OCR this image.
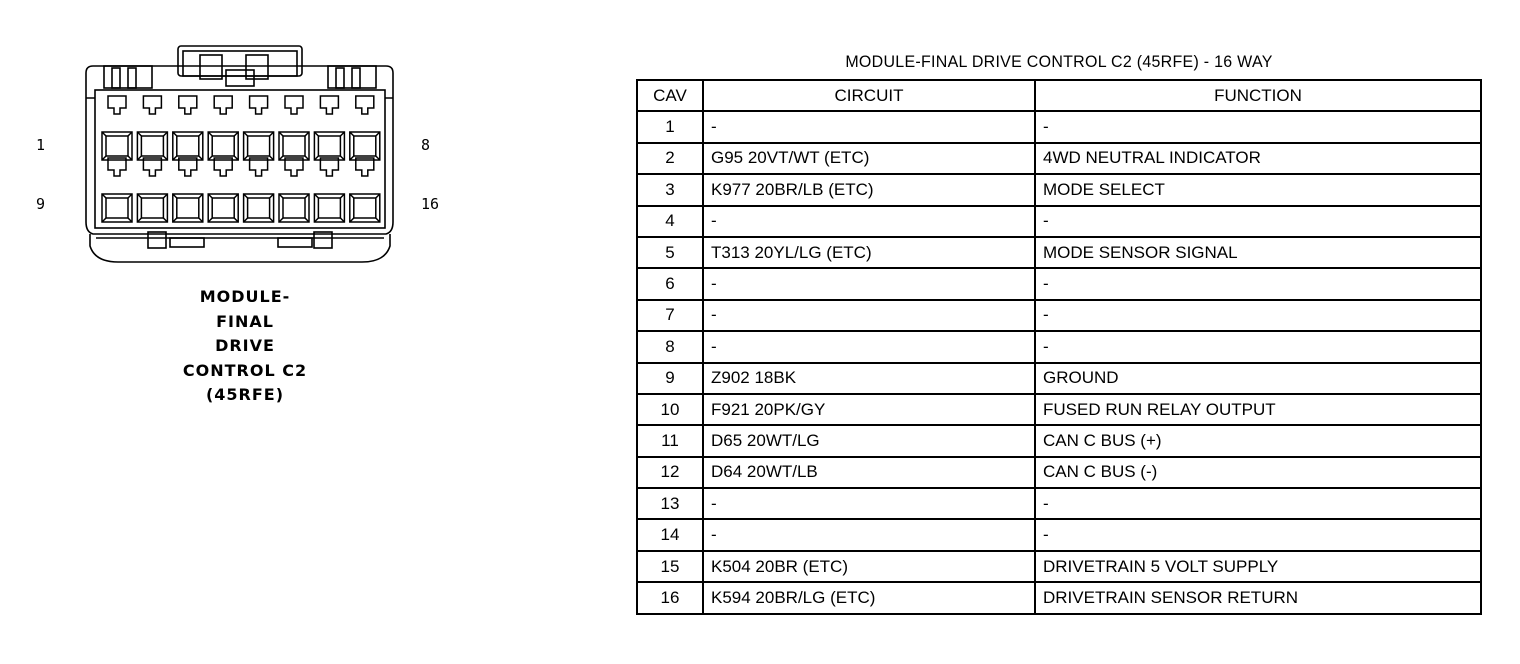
1	8
9	16
MODULE-
FINAL
DRIVE
CONTROL C2
(45RFE)
MODULE-FINAL DRIVE CONTROL C2 (45RFE) - 16 WAY
CAV	CIRCUIT	FUNCTION
1	-	-
2	G95 20VT/WT (ETC)	4WD NEUTRAL INDICATOR
3	K977 20BR/LB (ETC)	MODE SELECT
4	-	-
5	T313 20YL/LG (ETC)	MODE SENSOR SIGNAL
6	-	-
7	-	-
8	-	-
9	Z902 18BK	GROUND
10	F921 20PK/GY	FUSED RUN RELAY OUTPUT
11	D65 20WT/LG	CAN C BUS (+)
12	D64 20WT/LB	CAN C BUS (-)
13	-	-
14	-	-
15	K504 20BR (ETC)	DRIVETRAIN 5 VOLT SUPPLY
16	K594 20BR/LG (ETC)	DRIVETRAIN SENSOR RETURN
